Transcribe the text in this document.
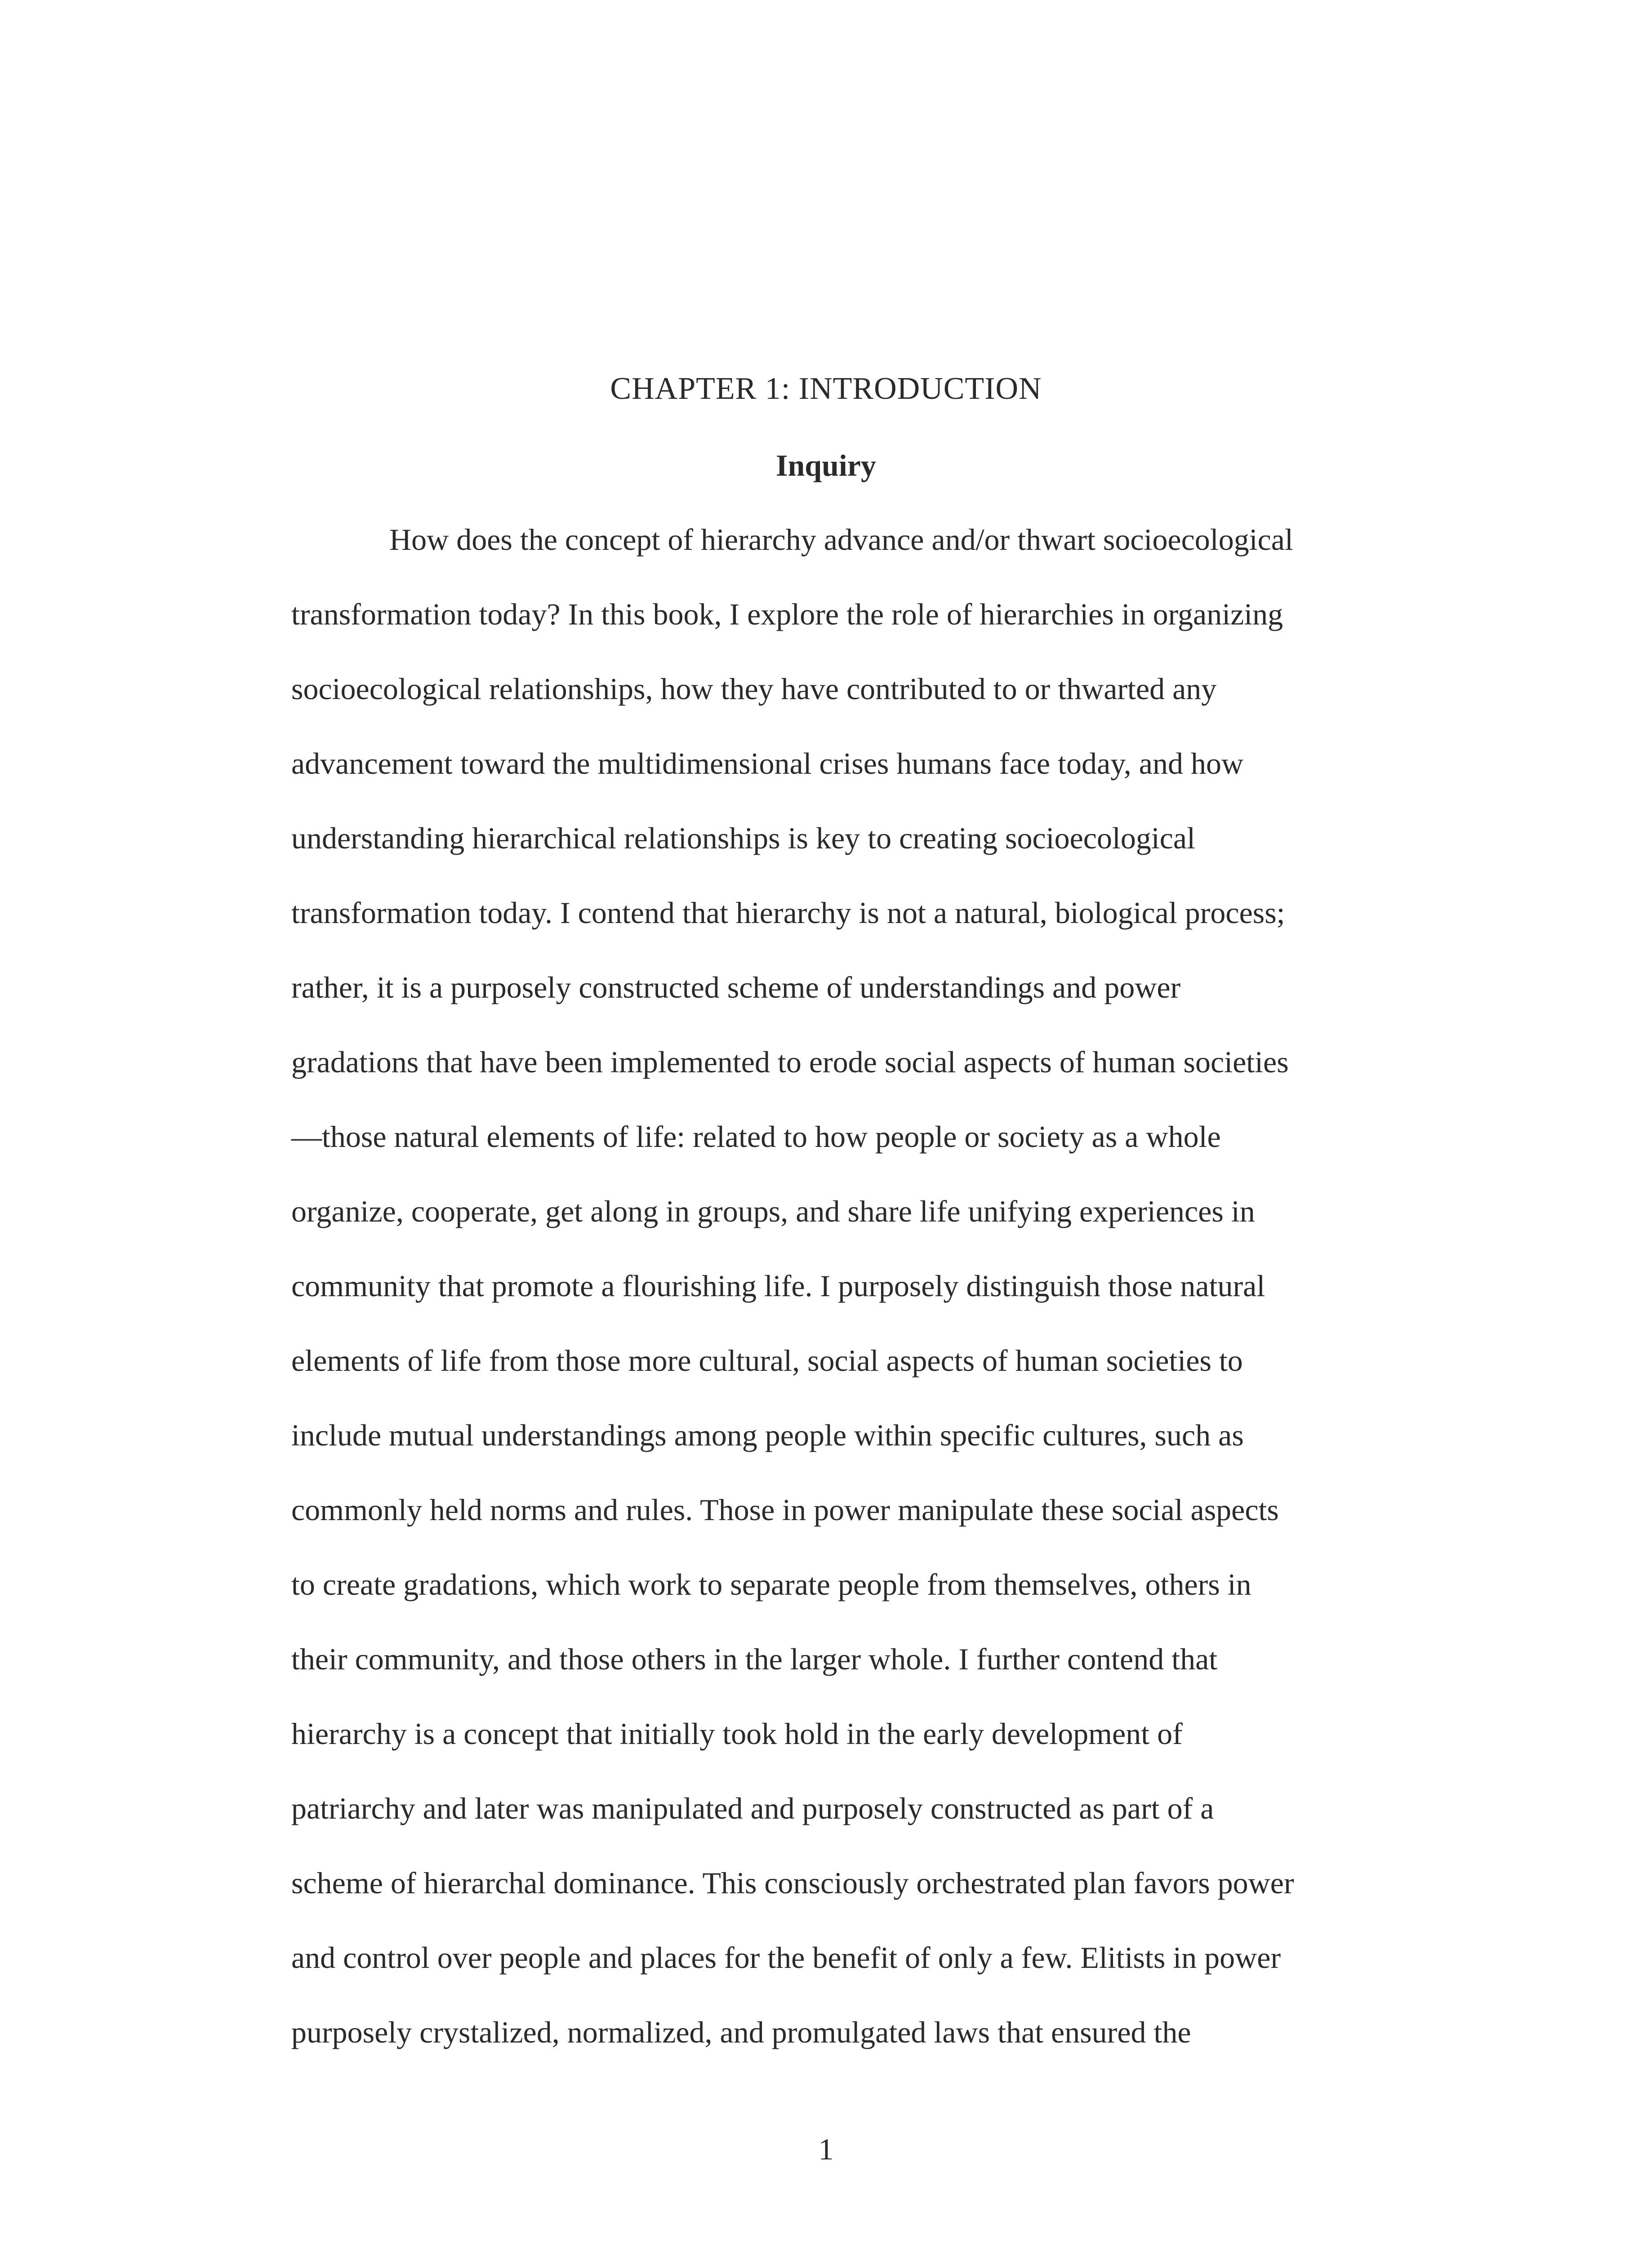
CHAPTER 1: INTRODUCTION
Inquiry
How does the concept of hierarchy advance and/or thwart socioecological
transformation today? In this book, I explore the role of hierarchies in organizing
socioecological relationships, how they have contributed to or thwarted any
advancement toward the multidimensional crises humans face today, and how
understanding hierarchical relationships is key to creating socioecological
transformation today. I contend that hierarchy is not a natural, biological process;
rather, it is a purposely constructed scheme of understandings and power
gradations that have been implemented to erode social aspects of human societies
—those natural elements of life: related to how people or society as a whole
organize, cooperate, get along in groups, and share life unifying experiences in
community that promote a flourishing life. I purposely distinguish those natural
elements of life from those more cultural, social aspects of human societies to
include mutual understandings among people within specific cultures, such as
commonly held norms and rules. Those in power manipulate these social aspects
to create gradations, which work to separate people from themselves, others in
their community, and those others in the larger whole. I further contend that
hierarchy is a concept that initially took hold in the early development of
patriarchy and later was manipulated and purposely constructed as part of a
scheme of hierarchal dominance. This consciously orchestrated plan favors power
and control over people and places for the benefit of only a few. Elitists in power
purposely crystalized, normalized, and promulgated laws that ensured the
1
